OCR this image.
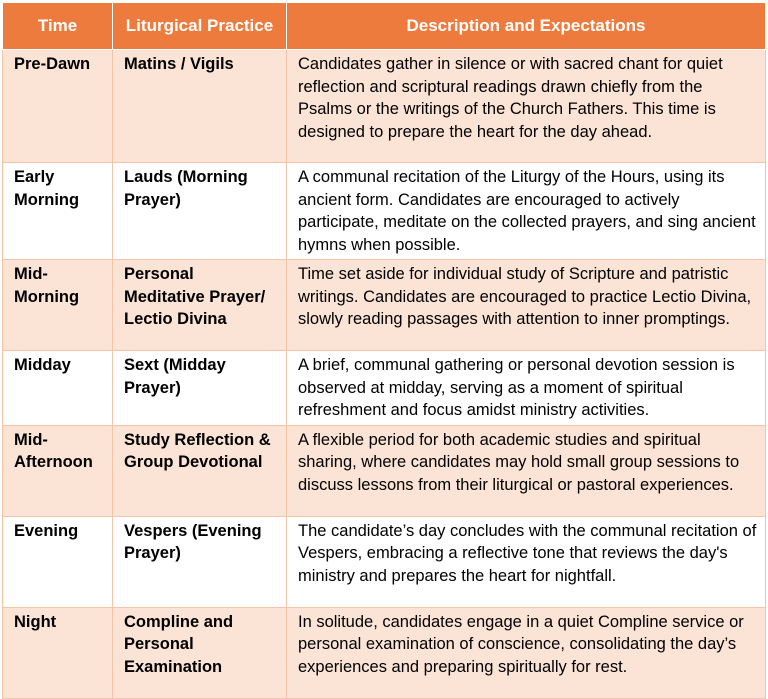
Time	Liturgical Practice	Description and Expectations
Pre-Dawn	Matins / Vigils	Candidates gather in silence or with sacred chant for quiet reflection and scriptural readings drawn chiefly from the Psalms or the writings of the Church Fathers. This time is designed to prepare the heart for the day ahead.
Early Morning	Lauds (Morning Prayer)	A communal recitation of the Liturgy of the Hours, using its ancient form. Candidates are encouraged to actively participate, meditate on the collected prayers, and sing ancient hymns when possible.
Mid-Morning	Personal Meditative Prayer/ Lectio Divina	Time set aside for individual study of Scripture and patristic writings. Candidates are encouraged to practice Lectio Divina, slowly reading passages with attention to inner promptings.
Midday	Sext (Midday Prayer)	A brief, communal gathering or personal devotion session is observed at midday, serving as a moment of spiritual refreshment and focus amidst ministry activities.
Mid-Afternoon	Study Reflection & Group Devotional	A flexible period for both academic studies and spiritual sharing, where candidates may hold small group sessions to discuss lessons from their liturgical or pastoral experiences.
Evening	Vespers (Evening Prayer)	The candidate’s day concludes with the communal recitation of Vespers, embracing a reflective tone that reviews the day's ministry and prepares the heart for nightfall.
Night	Compline and Personal Examination	In solitude, candidates engage in a quiet Compline service or personal examination of conscience, consolidating the day’s experiences and preparing spiritually for rest.
